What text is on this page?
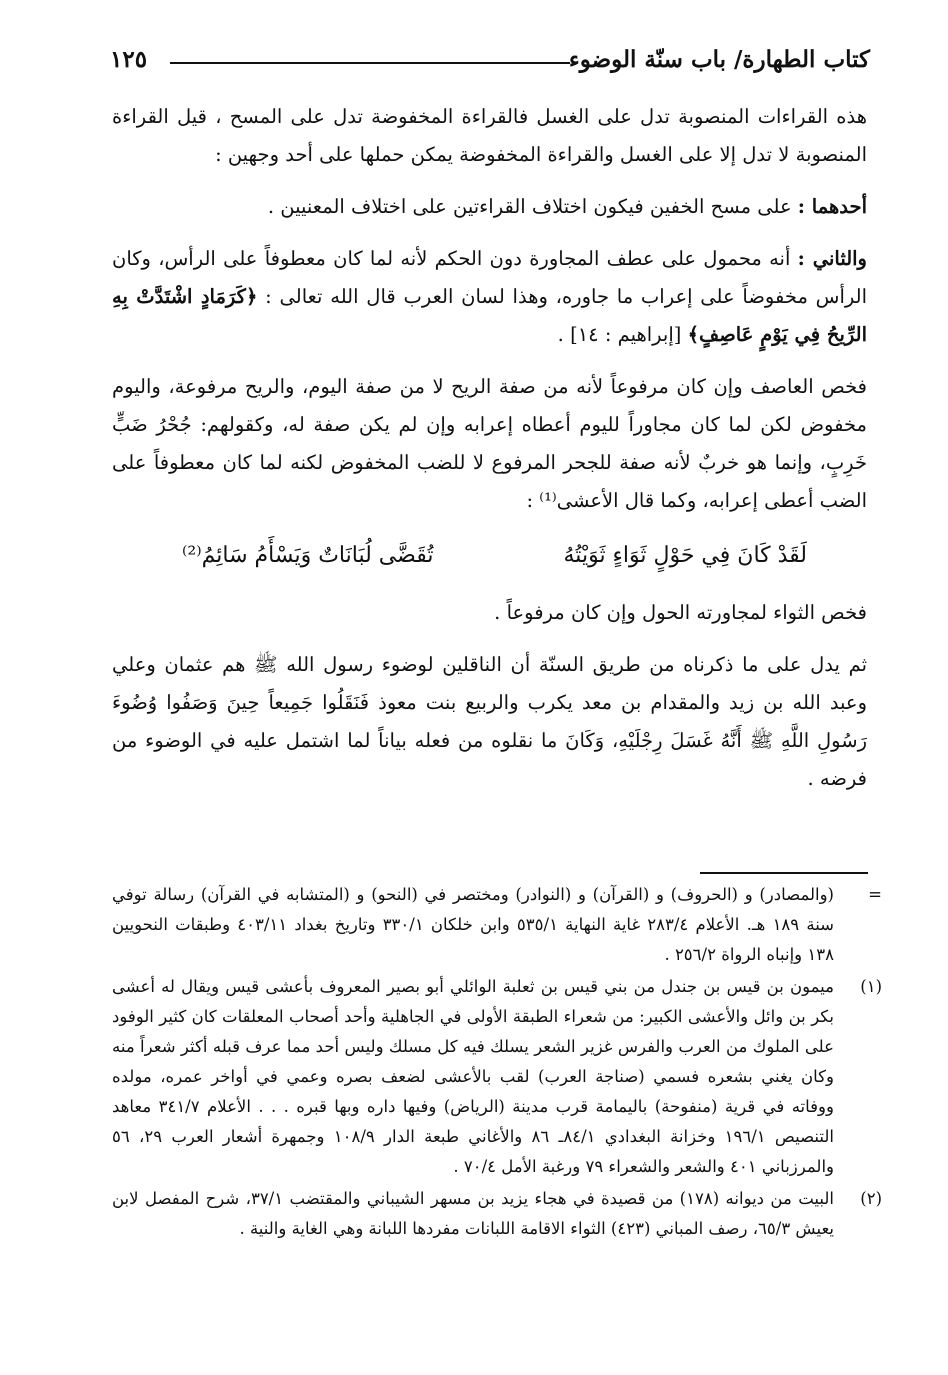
كتاب الطهارة/ باب سنّة الوضوء
١٢٥

هذه القراءات المنصوبة تدل على الغسل فالقراءة المخفوضة تدل على المسح ، قيل القراءة المنصوبة لا تدل إلا على الغسل والقراءة المخفوضة يمكن حملها على أحد وجهين :

أحدهما : على مسح الخفين فيكون اختلاف القراءتين على اختلاف المعنيين .

والثاني : أنه محمول على عطف المجاورة دون الحكم لأنه لما كان معطوفاً على الرأس، وكان الرأس مخفوضاً على إعراب ما جاوره، وهذا لسان العرب قال الله تعالى : ﴿كَرَمَادٍ اشْتَدَّتْ بِهِ الرِّيحُ فِي يَوْمٍ عَاصِفٍ﴾ [إبراهيم : ١٤] .

فخص العاصف وإن كان مرفوعاً لأنه من صفة الريح لا من صفة اليوم، والريح مرفوعة، واليوم مخفوض لكن لما كان مجاوراً لليوم أعطاه إعرابه وإن لم يكن صفة له، وكقولهم: جُحْرُ ضَبٍّ خَرِبٍ، وإنما هو خربٌ لأنه صفة للجحر المرفوع لا للضب المخفوض لكنه لما كان معطوفاً على الضب أعطى إعرابه، وكما قال الأعشى⁽¹⁾ :

لَقَدْ كَانَ فِي حَوْلٍ ثَوَاءٍ ثَوَيْتُهُ
تُقَضَّى لُبَانَاتٌ وَيَسْأَمُ سَائِمُ⁽²⁾

فخص الثواء لمجاورته الحول وإن كان مرفوعاً .

ثم يدل على ما ذكرناه من طريق السنّة أن الناقلين لوضوء رسول الله ﷺ هم عثمان وعلي وعبد الله بن زيد والمقدام بن معد يكرب والربيع بنت معوذ فَنَقَلُوا جَمِيعاً حِينَ وَصَفُوا وُضُوءَ رَسُولِ اللَّهِ ﷺ أَنَّهُ غَسَلَ رِجْلَيْهِ، وَكَانَ ما نقلوه من فعله بياناً لما اشتمل عليه في الوضوء من فرضه .

=
(والمصادر) و (الحروف) و (القرآن) و (النوادر) ومختصر في (النحو) و (المتشابه في القرآن) رسالة توفي سنة ١٨٩ هـ. الأعلام ٢٨٣/٤ غاية النهاية ٥٣٥/١ وابن خلكان ٣٣٠/١ وتاريخ بغداد ٤٠٣/١١ وطبقات النحويين ١٣٨ وإنباه الرواة ٢٥٦/٢ .
(١)
ميمون بن قيس بن جندل من بني قيس بن ثعلبة الوائلي أبو بصير المعروف بأعشى قيس ويقال له أعشى بكر بن وائل والأعشى الكبير: من شعراء الطبقة الأولى في الجاهلية وأحد أصحاب المعلقات كان كثير الوفود على الملوك من العرب والفرس غزير الشعر يسلك فيه كل مسلك وليس أحد مما عرف قبله أكثر شعراً منه وكان يغني بشعره فسمي (صناجة العرب) لقب بالأعشى لضعف بصره وعمي في أواخر عمره، مولده ووفاته في قرية (منفوحة) باليمامة قرب مدينة (الرياض) وفيها داره وبها قبره . . . الأعلام ٣٤١/٧ معاهد التنصيص ١٩٦/١ وخزانة البغدادي ٨٤/١ـ ٨٦ والأغاني طبعة الدار ١٠٨/٩ وجمهرة أشعار العرب ٢٩، ٥٦ والمرزباني ٤٠١ والشعر والشعراء ٧٩ ورغبة الأمل ٧٠/٤ .
(٢)
البيت من ديوانه (١٧٨) من قصيدة في هجاء يزيد بن مسهر الشيباني والمقتضب ٣٧/١، شرح المفصل لابن يعيش ٦٥/٣، رصف المباني (٤٢٣) الثواء الاقامة اللبانات مفردها اللبانة وهي الغاية والنية .
